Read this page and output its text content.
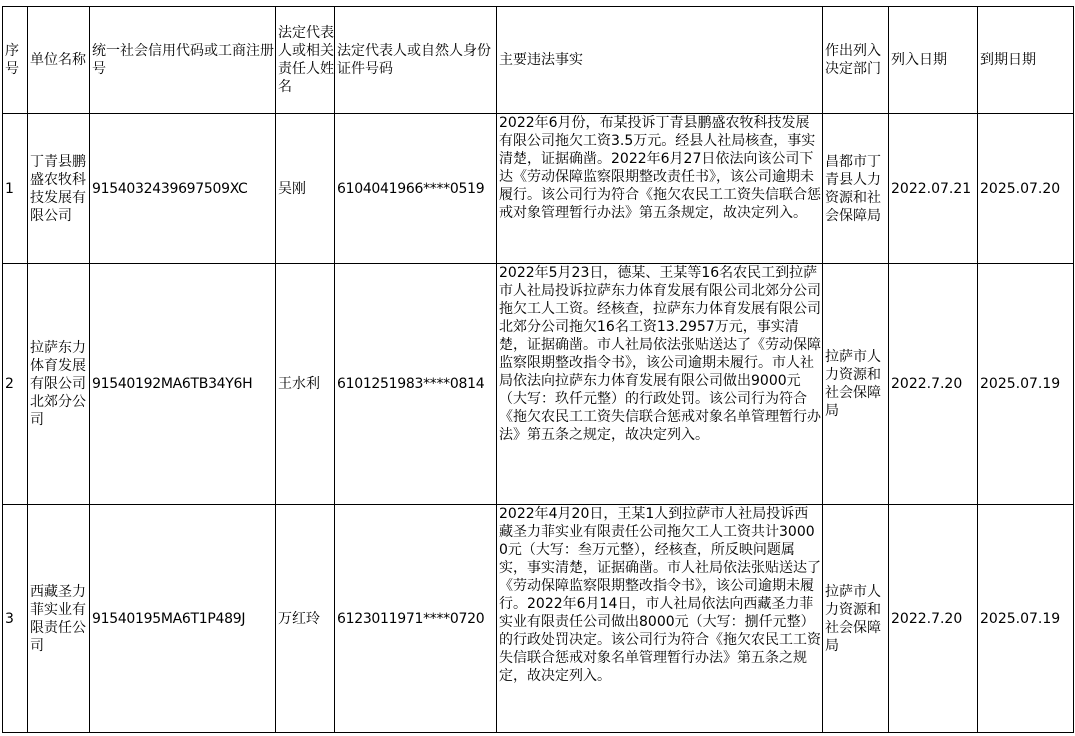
序号	单位名称	统一社会信用代码或工商注册号	法定代表人或相关责任人姓名	法定代表人或自然人身份证件号码	主要违法事实	作出列入决定部门	列入日期	到期日期
1	丁青县鹏盛农牧科技发展有限公司	9154032439697509XC	吴刚	6104041966****0519	2022年6月份，布某投诉丁青县鹏盛农牧科技发展有限公司拖欠工资3.5万元。经县人社局核查，事实清楚，证据确凿。2022年6月27日依法向该公司下达《劳动保障监察限期整改责任书》，该公司逾期未履行。该公司行为符合《拖欠农民工工资失信联合惩戒对象管理暂行办法》第五条规定，故决定列入。	昌都市丁青县人力资源和社会保障局	2022.07.21	2025.07.20
2	拉萨东力体育发展有限公司北郊分公司	91540192MA6TB34Y6H	王水利	6101251983****0814	2022年5月23日，德某、王某等16名农民工到拉萨市人社局投诉拉萨东力体育发展有限公司北郊分公司拖欠工人工资。经核查，拉萨东力体育发展有限公司北郊分公司拖欠16名工资13.2957万元，事实清楚，证据确凿。市人社局依法张贴送达了《劳动保障监察限期整改指令书》，该公司逾期未履行。市人社局依法向拉萨东力体育发展有限公司做出9000元（大写：玖仟元整）的行政处罚。该公司行为符合《拖欠农民工工资失信联合惩戒对象名单管理暂行办法》第五条之规定，故决定列入。	拉萨市人力资源和社会保障局	2022.7.20	2025.07.19
3	西藏圣力菲实业有限责任公司	91540195MA6T1P489J	万红玲	6123011971****0720	2022年4月20日，王某1人到拉萨市人社局投诉西藏圣力菲实业有限责任公司拖欠工人工资共计30000元（大写：叁万元整），经核查，所反映问题属实，事实清楚，证据确凿。市人社局依法张贴送达了《劳动保障监察限期整改指令书》，该公司逾期未履行。2022年6月14日，市人社局依法向西藏圣力菲实业有限责任公司做出8000元（大写：捌仟元整）的行政处罚决定。该公司行为符合《拖欠农民工工资失信联合惩戒对象名单管理暂行办法》第五条之规定，故决定列入。	拉萨市人力资源和社会保障局	2022.7.20	2025.07.19
